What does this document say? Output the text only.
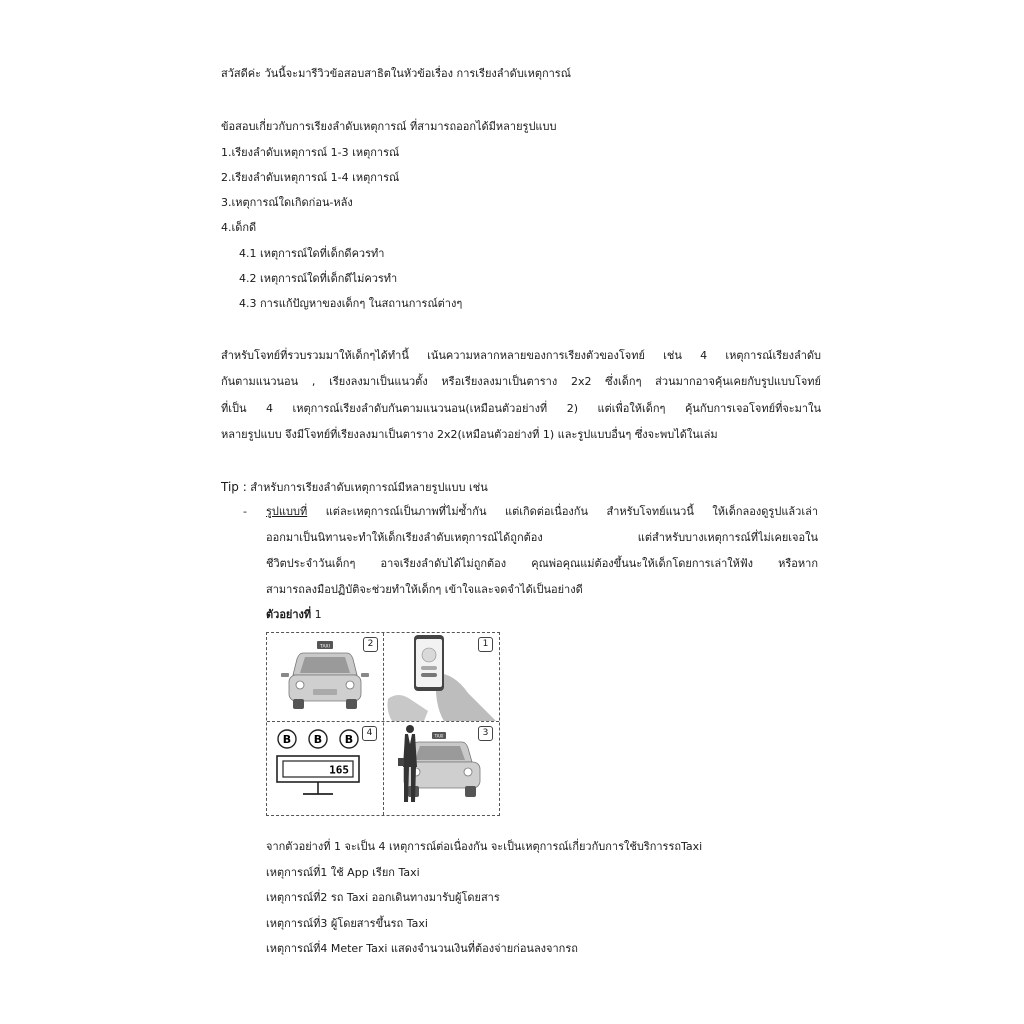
สวัสดีค่ะ วันนี้จะมารีวิวข้อสอบสาธิตในหัวข้อเรื่อง การเรียงลำดับเหตุการณ์
ข้อสอบเกี่ยวกับการเรียงลำดับเหตุการณ์ ที่สามารถออกได้มีหลายรูปแบบ
1.เรียงลำดับเหตุการณ์ 1-3 เหตุการณ์
2.เรียงลำดับเหตุการณ์ 1-4 เหตุการณ์
3.เหตุการณ์ใดเกิดก่อน-หลัง
4.เด็กดี
4.1 เหตุการณ์ใดที่เด็กดีควรทำ
4.2 เหตุการณ์ใดที่เด็กดีไม่ควรทำ
4.3 การแก้ปัญหาของเด็กๆ ในสถานการณ์ต่างๆ
สำหรับโจทย์ที่รวบรวมมาให้เด็กๆได้ทำนี้ เน้นความหลากหลายของการเรียงตัวของโจทย์ เช่น 4 เหตุการณ์เรียงลำดับ
กันตามแนวนอน , เรียงลงมาเป็นแนวตั้ง หรือเรียงลงมาเป็นตาราง 2x2 ซึ่งเด็กๆ ส่วนมากอาจคุ้นเคยกับรูปแบบโจทย์
ที่เป็น 4 เหตุการณ์เรียงลำดับกันตามแนวนอน(เหมือนตัวอย่างที่ 2) แต่เพื่อให้เด็กๆ คุ้นกับการเจอโจทย์ที่จะมาใน
หลายรูปแบบ จึงมีโจทย์ที่เรียงลงมาเป็นตาราง 2x2(เหมือนตัวอย่างที่ 1) และรูปแบบอื่นๆ ซึ่งจะพบได้ในเล่ม
Tip : สำหรับการเรียงลำดับเหตุการณ์มีหลายรูปแบบ เช่น
- รูปแบบที่ แต่ละเหตุการณ์เป็นภาพที่ไม่ซ้ำกัน แต่เกิดต่อเนื่องกัน สำหรับโจทย์แนวนี้ ให้เด็กลองดูรูปแล้วเล่า
ออกมาเป็นนิทานจะทำให้เด็กเรียงลำดับเหตุการณ์ได้ถูกต้อง แต่สำหรับบางเหตุการณ์ที่ไม่เคยเจอใน
ชีวิตประจำวันเด็กๆ อาจเรียงลำดับได้ไม่ถูกต้อง คุณพ่อคุณแม่ต้องขึ้นนะให้เด็กโดยการเล่าให้ฟัง หรือหาก
สามารถลงมือปฏิบัติจะช่วยทำให้เด็กๆ เข้าใจและจดจำได้เป็นอย่างดี
ตัวอย่างที่ 1
TAXI	2	1
B B B
165
4	TAXI	3
จากตัวอย่างที่ 1 จะเป็น 4 เหตุการณ์ต่อเนื่องกัน จะเป็นเหตุการณ์เกี่ยวกับการใช้บริการรถTaxi
เหตุการณ์ที่1 ใช้ App เรียก Taxi
เหตุการณ์ที่2 รถ Taxi ออกเดินทางมารับผู้โดยสาร
เหตุการณ์ที่3 ผู้โดยสารขึ้นรถ Taxi
เหตุการณ์ที่4 Meter Taxi แสดงจำนวนเงินที่ต้องจ่ายก่อนลงจากรถ
